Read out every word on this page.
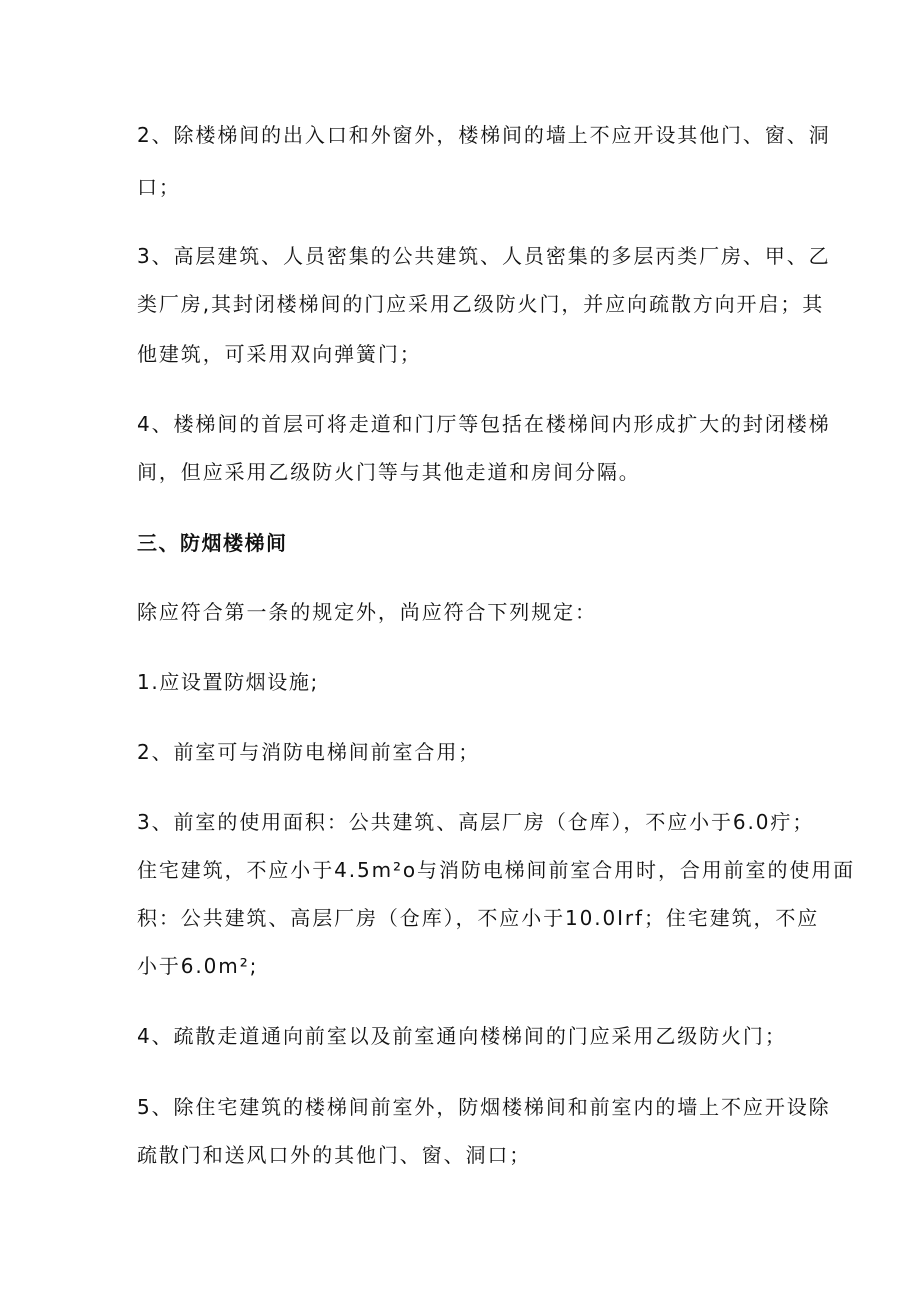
2、除楼梯间的出入口和外窗外，楼梯间的墙上不应开设其他门、窗、洞
口；
3、高层建筑、人员密集的公共建筑、人员密集的多层丙类厂房、甲、乙
类厂房,其封闭楼梯间的门应采用乙级防火门，并应向疏散方向开启；其
他建筑，可采用双向弹簧门；
4、楼梯间的首层可将走道和门厅等包括在楼梯间内形成扩大的封闭楼梯
间，但应采用乙级防火门等与其他走道和房间分隔。
三、防烟楼梯间
除应符合第一条的规定外，尚应符合下列规定：
1.应设置防烟设施;
2、前室可与消防电梯间前室合用；
3、前室的使用面积：公共建筑、高层厂房（仓库），不应小于6.0疔；
住宅建筑，不应小于4.5m²o与消防电梯间前室合用时，合用前室的使用面
积：公共建筑、高层厂房（仓库），不应小于10.0Irf；住宅建筑，不应
小于6.0m²;
4、疏散走道通向前室以及前室通向楼梯间的门应采用乙级防火门；
5、除住宅建筑的楼梯间前室外，防烟楼梯间和前室内的墙上不应开设除
疏散门和送风口外的其他门、窗、洞口；
